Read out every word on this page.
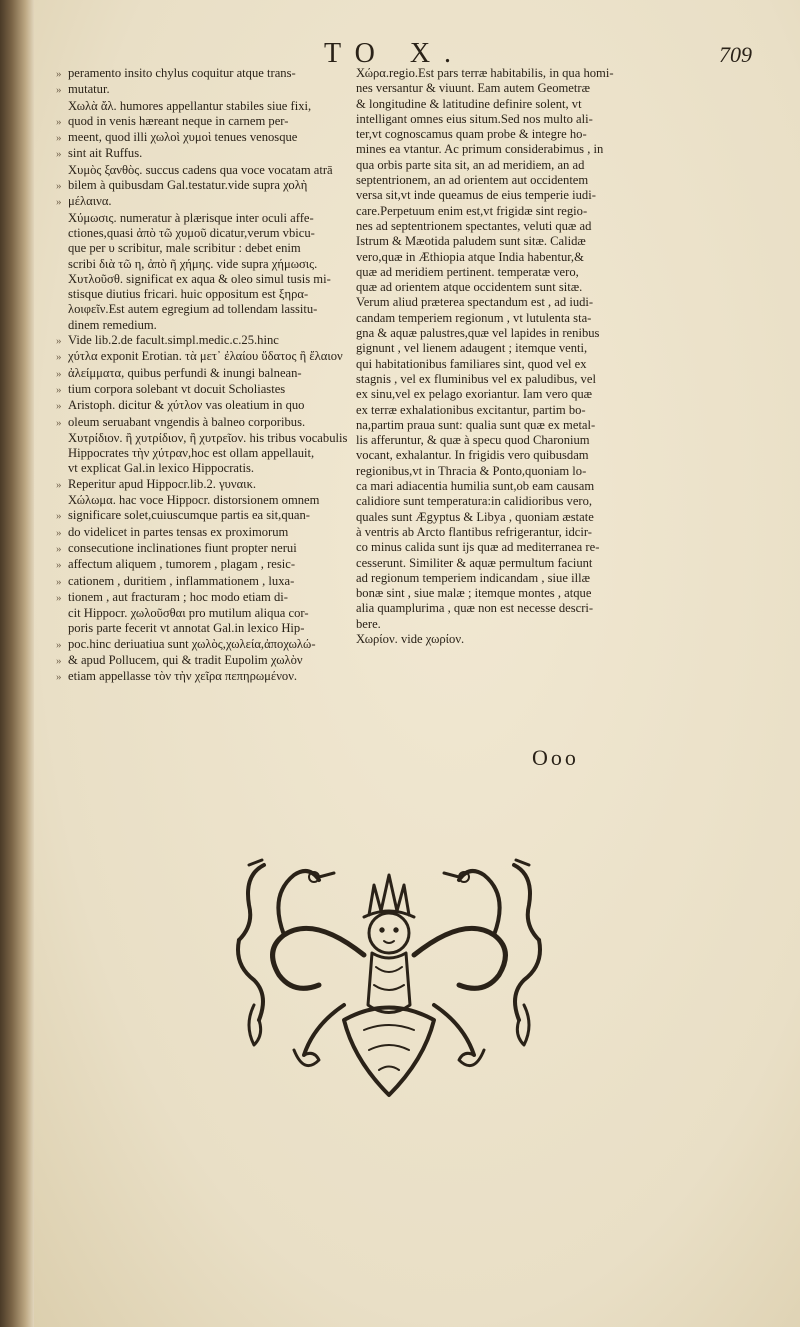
TO X.	709
» peramento insito chylus coquitur atque trans-
» mutatur.
Χωλὰ ἄλ. humores appellantur stabiles siue fixi,
» quod in venis hæreant neque in carnem per-
» meent, quod illi χωλοὶ χυμοὶ tenues venosque
» sint ait Ruffus.
Χυμὸς ξανθὸς. succus cadens qua voce vocatam atrā
» bilem à quibusdam Gal.testatur.vide supra χολὴ
» μέλαινα.
Χύμωσις. numeratur à plærisque inter oculi affe-
ctiones,quasi ἀπὸ τῶ χυμοῦ dicatur,verum vbicu-
que per υ scribitur, male scribitur : debet enim
scribi διὰ τῶ η, ἀπὸ ῆ χήμης. vide supra χήμωσις.
Χυτλοῦσθ. significat ex aqua & oleo simul tusis mi-
stisque diutius fricari. huic oppositum est ξηρα-
λοιφεῖν.Est autem egregium ad tollendam lassitu-
dinem remedium.
» Vide lib.2.de facult.simpl.medic.c.25.hinc
» χύτλα exponit Erotian. τὰ μετ᾽ ἐλαίου ὕδατος ἢ ἔλαιον
» ἀλείμματα, quibus perfundi & inungi balnean-
» tium corpora solebant vt docuit Scholiastes
» Aristoph. dicitur & χύτλον vas oleatium in quo
» oleum seruabant vngendis à balneo corporibus.
Χυτρίδιον. ἢ χυτρίδιον, ἢ χυτρεῖον. his tribus vocabulis
Hippocrates τὴν χύτραν,hoc est ollam appellauit,
vt explicat Gal.in lexico Hippocratis.
» Reperitur apud Hippocr.lib.2. γυναικ.
Χώλωμα. hac voce Hippocr. distorsionem omnem
» significare solet,cuiuscumque partis ea sit,quan-
» do videlicet in partes tensas ex proximorum
» consecutione inclinationes fiunt propter nerui
» affectum aliquem , tumorem , plagam , resic-
» cationem , duritiem , inflammationem , luxa-
» tionem , aut fracturam ; hoc modo etiam di-
cit Hippocr. χωλοῦσθαι pro mutilum aliqua cor-
poris parte fecerit vt annotat Gal.in lexico Hip-
» poc.hinc deriuatiua sunt χωλὸς,χωλεία,ἀποχωλώ-
» & apud Pollucem, qui & tradit Eupolim χωλὸν
» etiam appellasse τὸν τὴν χεῖρα πεπηρωμένον.
Χώρα.regio.Est pars terræ habitabilis, in qua homi-
nes versantur & viuunt. Eam autem Geometræ
& longitudine & latitudine definire solent, vt
intelligant omnes eius situm.Sed nos multo ali-
ter,vt cognoscamus quam probe & integre ho-
mines ea vtantur. Ac primum considerabimus , in
qua orbis parte sita sit, an ad meridiem, an ad
septentrionem, an ad orientem aut occidentem
versa sit,vt inde queamus de eius temperie iudi-
care.Perpetuum enim est,vt frigidæ sint regio-
nes ad septentrionem spectantes, veluti quæ ad
Istrum & Mæotida paludem sunt sitæ. Calidæ
vero,quæ in Æthiopia atque India habentur,&
quæ ad meridiem pertinent. temperatæ vero,
quæ ad orientem atque occidentem sunt sitæ.
Verum aliud præterea spectandum est , ad iudi-
candam temperiem regionum , vt lutulenta sta-
gna & aquæ palustres,quæ vel lapides in renibus
gignunt , vel lienem adaugent ; itemque venti,
qui habitationibus familiares sint, quod vel ex
stagnis , vel ex fluminibus vel ex paludibus, vel
ex sinu,vel ex pelago exoriantur. Iam vero quæ
ex terræ exhalationibus excitantur, partim bo-
na,partim praua sunt: qualia sunt quæ ex metal-
lis afferuntur, & quæ à specu quod Charonium
vocant, exhalantur. In frigidis vero quibusdam
regionibus,vt in Thracia & Ponto,quoniam lo-
ca mari adiacentia humilia sunt,ob eam causam
calidiore sunt temperatura:in calidioribus vero,
quales sunt Ægyptus & Libya , quoniam æstate
à ventris ab Arcto flantibus refrigerantur, idcir-
co minus calida sunt ijs quæ ad mediterranea re-
cesserunt. Similiter & aquæ permultum faciunt
ad regionum temperiem indicandam , siue illæ
bonæ sint , siue malæ ; itemque montes , atque
alia quamplurima , quæ non est necesse descri-
bere.
Χωρίον. vide χωρίον.
Ooo
